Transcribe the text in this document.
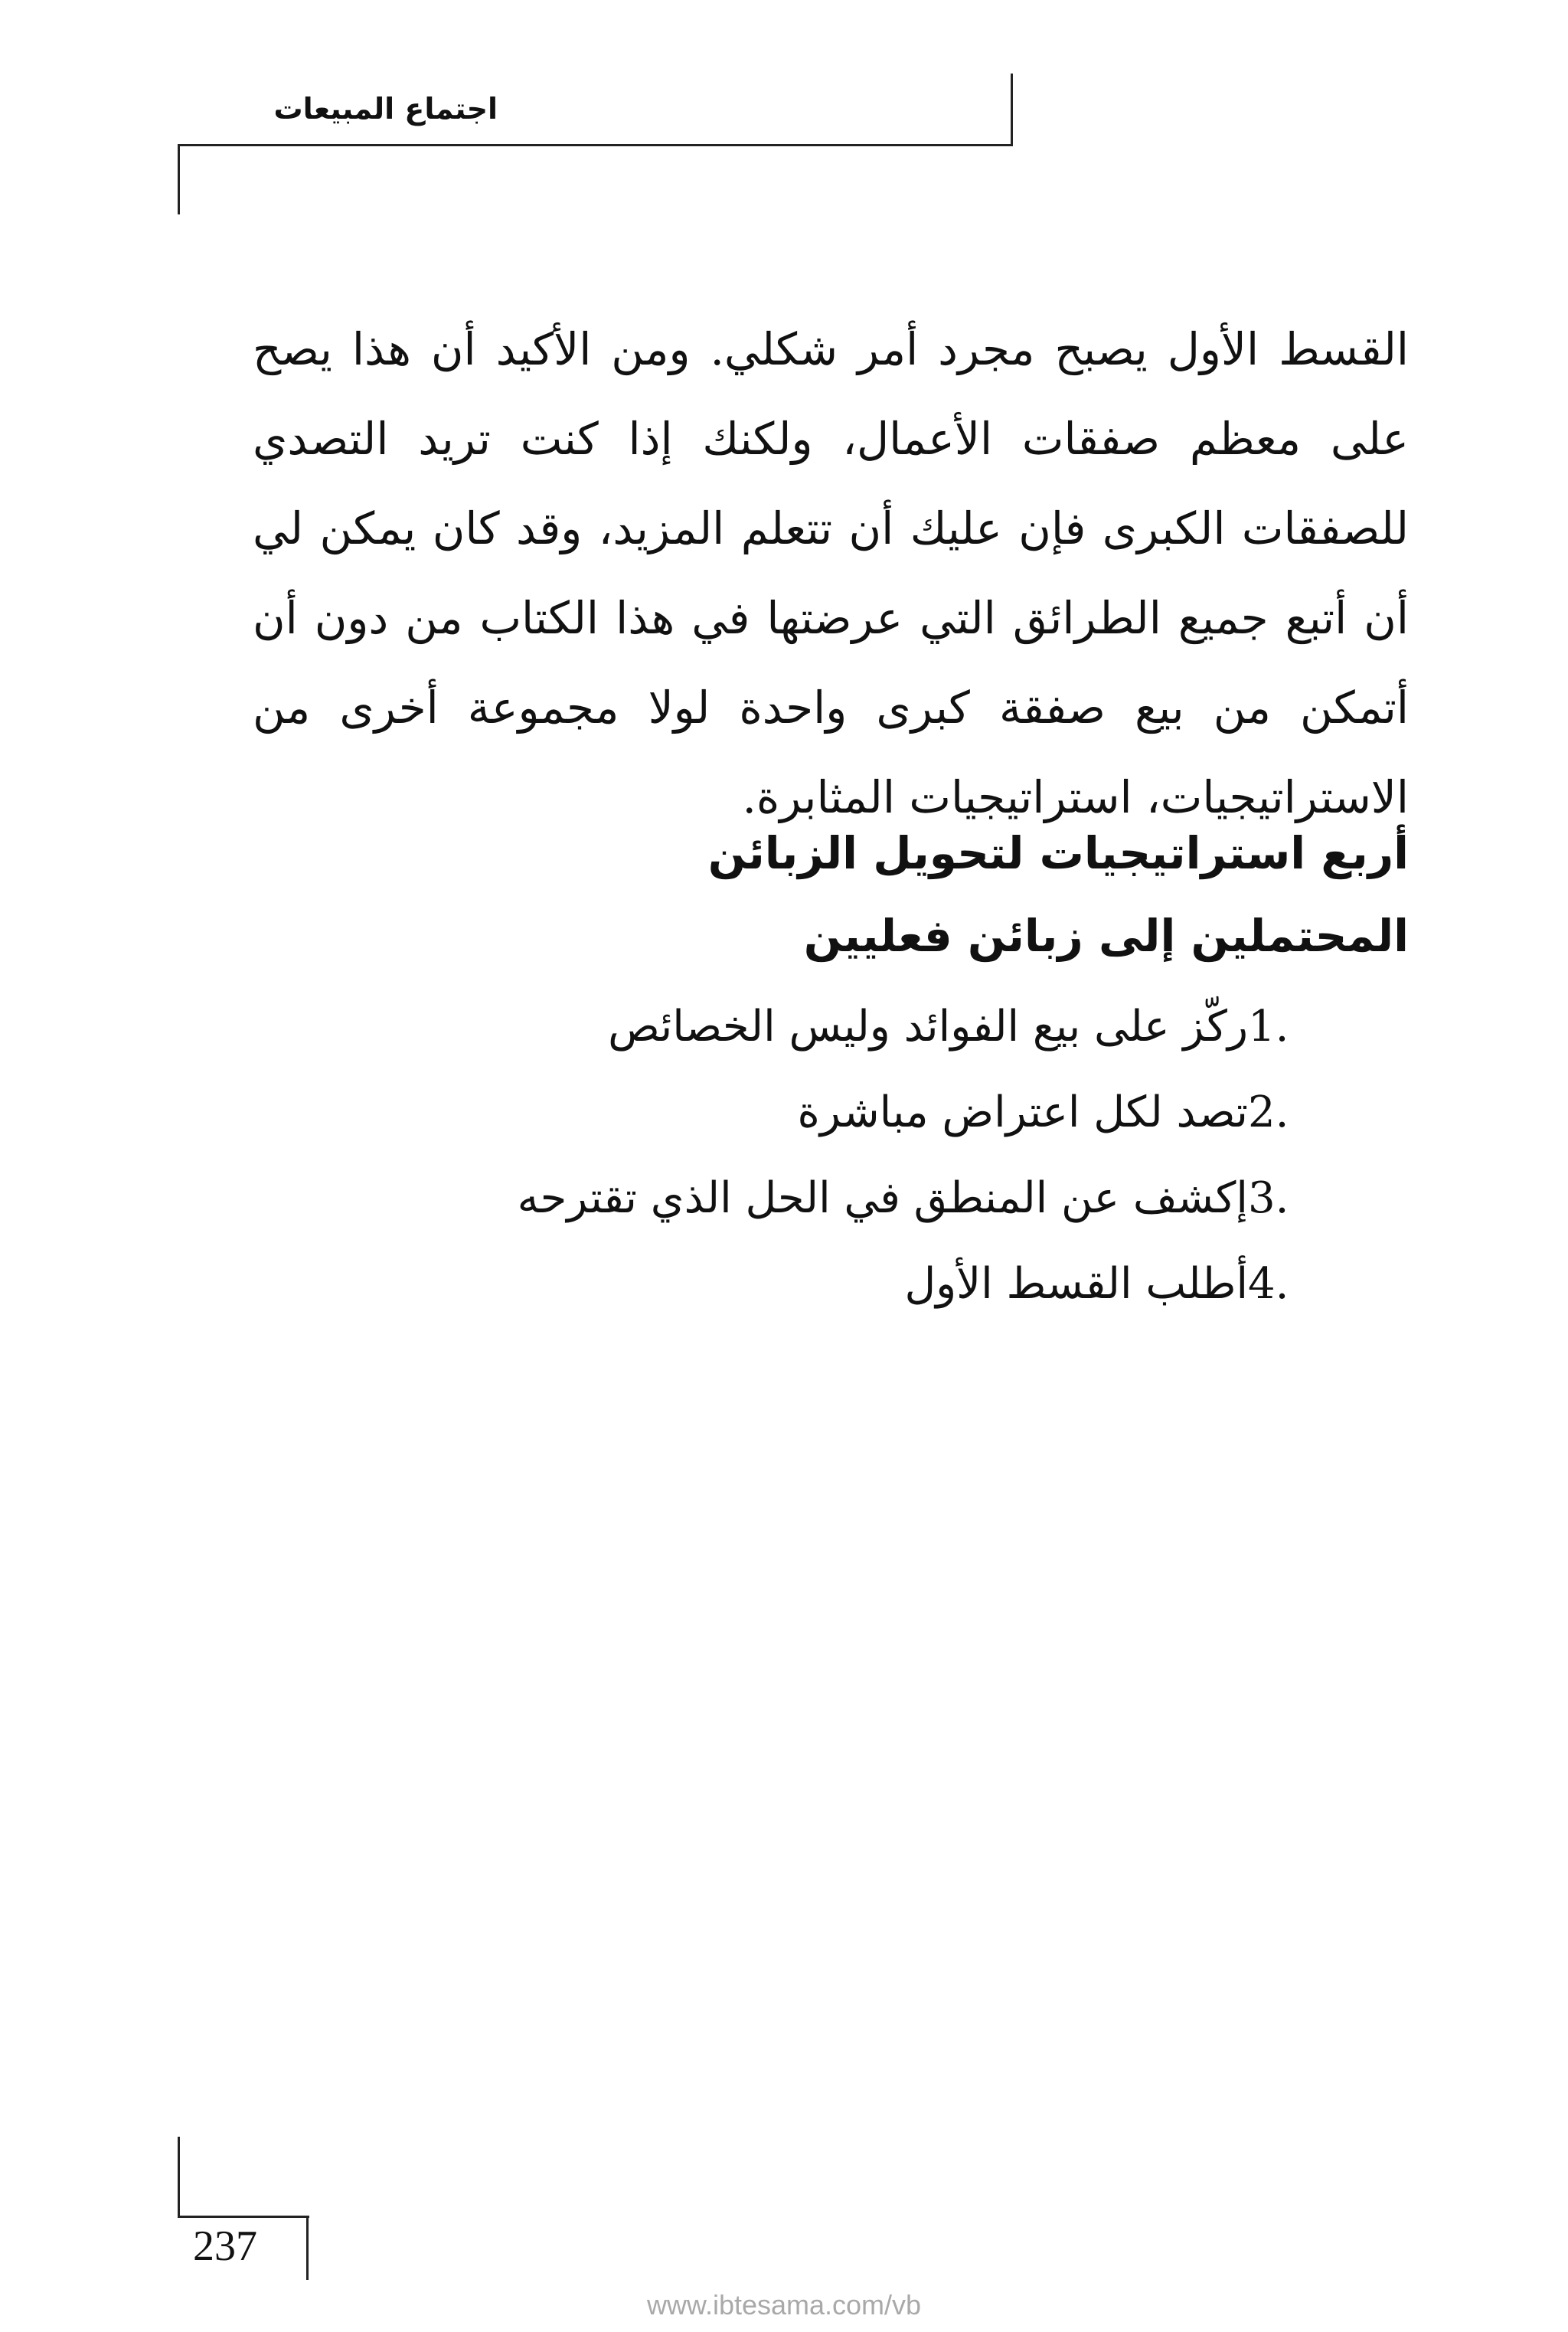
اجتماع المبيعات

القسط الأول يصبح مجرد أمر شكلي. ومن الأكيد أن هذا يصح على معظم صفقات الأعمال، ولكنك إذا كنت تريد التصدي للصفقات الكبرى فإن عليك أن تتعلم المزيد، وقد كان يمكن لي أن أتبع جميع الطرائق التي عرضتها في هذا الكتاب من دون أن أتمكن من بيع صفقة كبرى واحدة لولا مجموعة أخرى من الاستراتيجيات، استراتيجيات المثابرة.

أربع استراتيجيات لتحويل الزبائن
المحتملين إلى زبائن فعليين
1.
ركّز على بيع الفوائد وليس الخصائص
2.
تصد لكل اعتراض مباشرة
3.
إكشف عن المنطق في الحل الذي تقترحه
4.
أطلب القسط الأول
237
www.ibtesama.com/vb
